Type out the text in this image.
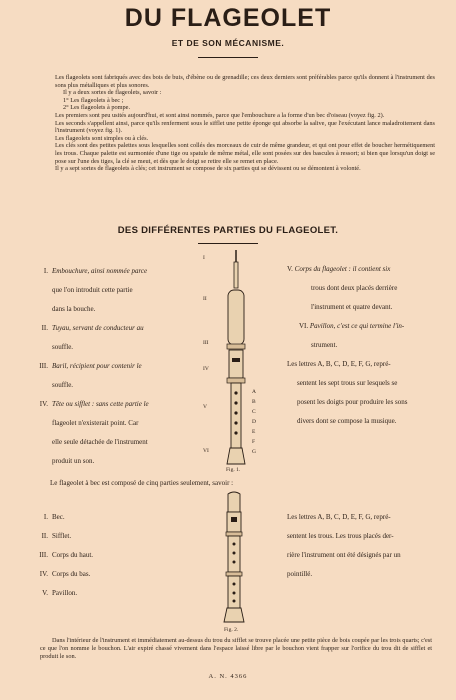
DU FLAGEOLET
ET DE SON MÉCANISME.

Les flageolets sont fabriqués avec des bois de buis, d'ébène ou de grenadille; ces deux derniers sont préférables parce qu'ils donnent à l'instrument des sons plus métalliques et plus sonores.

Il y a deux sortes de flageolets, savoir :

1° Les flageolets à bec ;

2° Les flageolets à pompe.

Les premiers sont peu usités aujourd'hui, et sont ainsi nommés, parce que l'embouchure a la forme d'un bec d'oiseau (voyez fig. 2).

Les seconds s'appellent ainsi, parce qu'ils renferment sous le sifflet une petite éponge qui absorbe la salive, que l'exécutant lance maladroitement dans l'instrument (voyez fig. 1).

Les flageolets sont simples ou à clés.

Les clés sont des petites palettes sous lesquelles sont collés des morceaux de cuir de même grandeur, et qui ont pour effet de boucher hermétiquement les trous. Chaque palette est surmontée d'une tige ou spatule de même métal, elle sont posées sur des bascules à ressort; si bien que lorsqu'un doigt se pose sur l'une des tiges, la clé se meut, et dès que le doigt se retire elle se remet en place.

Il y a sept sortes de flageolets à clés; cet instrument se compose de six parties qui se dévissent ou se démontent à volonté.

DES DIFFÉRENTES PARTIES DU FLAGEOLET.
I. Embouchure, ainsi nommée parce
que l'on introduit cette partie
dans la bouche.
II. Tuyau, servant de conducteur au
souffle.
III. Baril, récipient pour contenir le
souffle.
IV. Tête ou sifflet : sans cette partie le
flageolet n'existerait point. Car
elle seule détachée de l'instrument
produit un son.
I
II
III
IV
V
VI
A
B
C
D
E
F
G
Fig. 1.
V. Corps du flageolet : il contient six
trous dont deux placés derrière
l'instrument et quatre devant.
VI. Pavillon, c'est ce qui termine l'in-
strument.
Les lettres A, B, C, D, E, F, G, repré-
sentent les sept trous sur lesquels se
posent les doigts pour produire les sons
divers dont se compose la musique.
Le flageolet à bec est composé de cinq parties seulement, savoir :
I. Bec.
II. Sifflet.
III. Corps du haut.
IV. Corps du bas.
V. Pavillon.
Fig. 2.
Les lettres A, B, C, D, E, F, G, repré-
sentent les trous. Les trous placés der-
rière l'instrument ont été désignés par un
pointillé.

Dans l'intérieur de l'instrument et immédiatement au-dessus du trou du sifflet se trouve placée une petite pièce de bois coupée par les trois quarts; c'est ce que l'on nomme le bouchon. L'air expiré chassé vivement dans l'espace laissé libre par le bouchon vient frapper sur l'orifice du trou dit de sifflet et produit le son.

A. N. 4366
